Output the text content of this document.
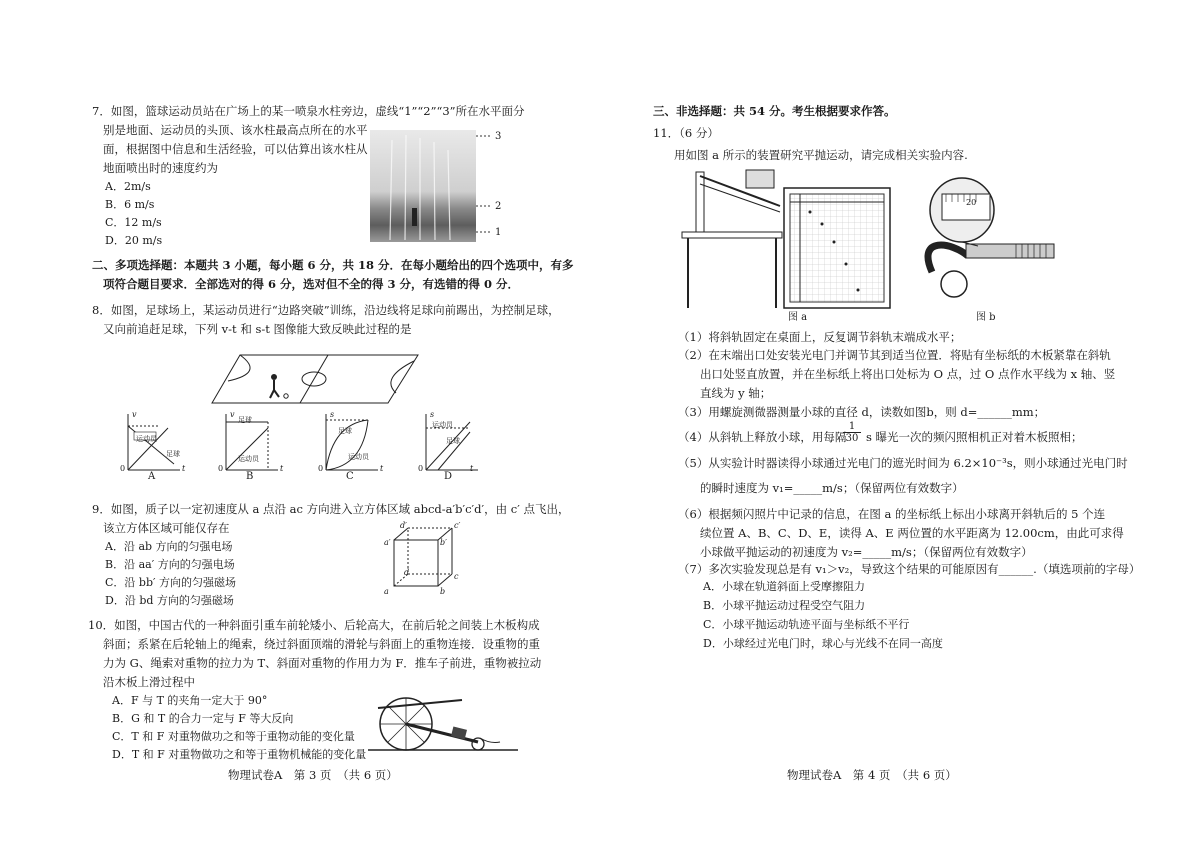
7．如图，篮球运动员站在广场上的某一喷泉水柱旁边，虚线“1”“2”“3”所在水平面分
别是地面、运动员的头顶、该水柱最高点所在的水平
面，根据图中信息和生活经验，可以估算出该水柱从
地面喷出时的速度约为
A．2m/s
B．6 m/s
C．12 m/s
D．20 m/s
3
2
1
二、多项选择题：本题共 3 小题，每小题 6 分，共 18 分．在每小题给出的四个选项中，有多
项符合题目要求．全部选对的得 6 分，选对但不全的得 3 分，有选错的得 0 分．
8．如图，足球场上，某运动员进行“边路突破”训练，沿边线将足球向前踢出，为控制足球，
又向前追赶足球，下列 v-t 和 s-t 图像能大致反映此过程的是
v
t
0
运动员
足球
A
v
t
0
足球
运动员
B
s
t
0
足球
运动员
C
s
t
0
运动员
足球
D
9．如图，质子以一定初速度从 a 点沿 ac 方向进入立方体区域 abcd-a′b′c′d′，由 c′ 点飞出，
该立方体区域可能仅存在
A．沿 ab 方向的匀强电场
B．沿 aa′ 方向的匀强电场
C．沿 bb′ 方向的匀强磁场
D．沿 bd 方向的匀强磁场
d′	c′
a′	b′
d	c
a	b
10．如图，中国古代的一种斜面引重车前轮矮小、后轮高大，在前后轮之间装上木板构成
斜面；系紧在后轮轴上的绳索，绕过斜面顶端的滑轮与斜面上的重物连接．设重物的重
力为 G、绳索对重物的拉力为 T、斜面对重物的作用力为 F．推车子前进，重物被拉动
沿木板上滑过程中
A．F 与 T 的夹角一定大于 90°
B．G 和 T 的合力一定与 F 等大反向
C．T 和 F 对重物做功之和等于重物动能的变化量
D．T 和 F 对重物做功之和等于重物机械能的变化量
物理试卷A　第 3 页　（共 6 页）
三、非选择题：共 54 分。考生根据要求作答。
11．（6 分）
用如图 a 所示的装置研究平抛运动，请完成相关实验内容.
图 a
20
图 b
（1）将斜轨固定在桌面上，反复调节斜轨末端成水平；
（2）在末端出口处安装光电门并调节其到适当位置．将贴有坐标纸的木板紧靠在斜轨
出口处竖直放置，并在坐标纸上将出口处标为 O 点，过 O 点作水平线为 x 轴、竖
直线为 y 轴；
（3）用螺旋测微器测量小球的直径 d，读数如图b，则 d=______mm；
（4）从斜轨上释放小球，用每隔
1
30 s 曝光一次的频闪照相机正对着木板照相；
（5）从实验计时器读得小球通过光电门的遮光时间为 6.2×10⁻³s，则小球通过光电门时
的瞬时速度为 v₁=_____m/s；（保留两位有效数字）
（6）根据频闪照片中记录的信息，在图 a 的坐标纸上标出小球离开斜轨后的 5 个连
续位置 A、B、C、D、E，读得 A、E 两位置的水平距离为 12.00cm，由此可求得
小球做平抛运动的初速度为 v₂=_____m/s；（保留两位有效数字）
（7）多次实验发现总是有 v₁＞v₂，导致这个结果的可能原因有______.（填选项前的字母）
A．小球在轨道斜面上受摩擦阻力
B．小球平抛运动过程受空气阻力
C．小球平抛运动轨迹平面与坐标纸不平行
D．小球经过光电门时，球心与光线不在同一高度
物理试卷A　第 4 页　（共 6 页）
